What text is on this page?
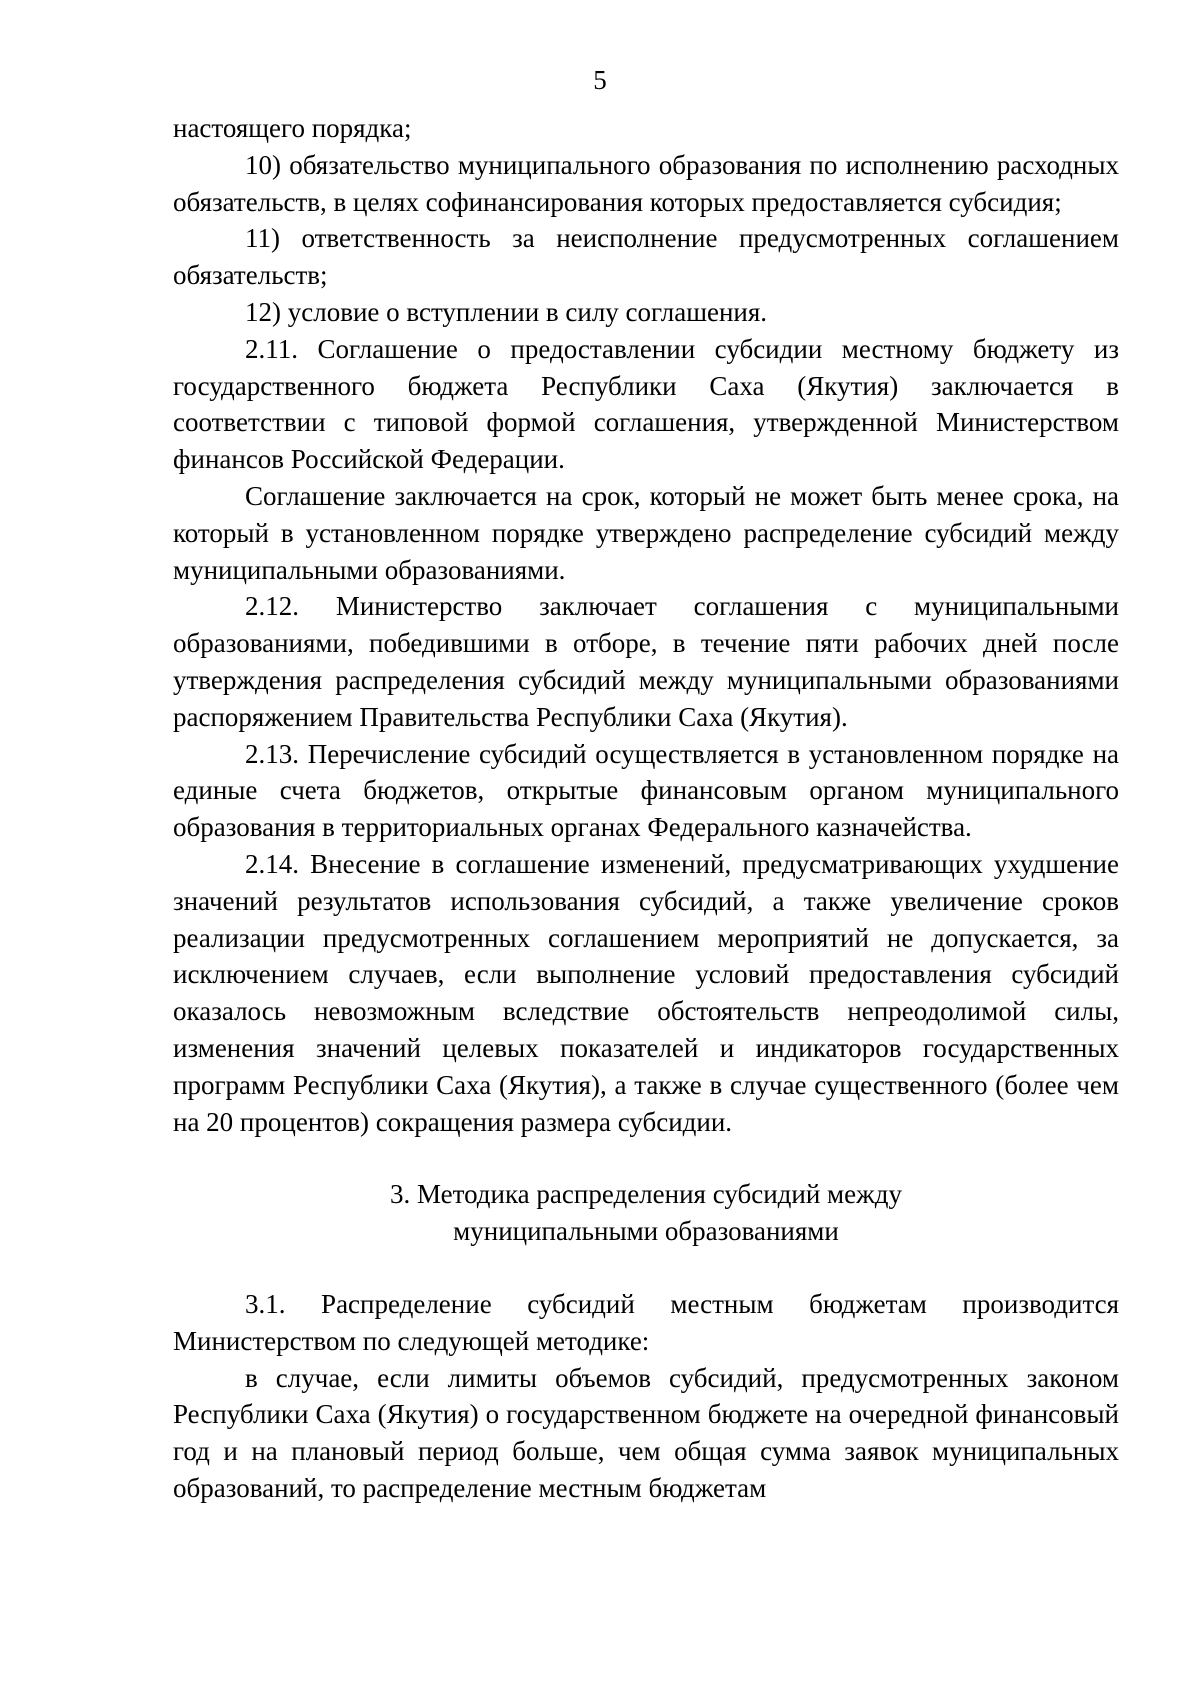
5

настоящего порядка;

10) обязательство муниципального образования по исполнению расходных обязательств, в целях софинансирования которых предоставляется субсидия;

11) ответственность за неисполнение предусмотренных соглашением обязательств;

12) условие о вступлении в силу соглашения.

2.11. Соглашение о предоставлении субсидии местному бюджету из государственного бюджета Республики Саха (Якутия) заключается в соответствии с типовой формой соглашения, утвержденной Министерством финансов Российской Федерации.

Соглашение заключается на срок, который не может быть менее срока, на который в установленном порядке утверждено распределение субсидий между муниципальными образованиями.

2.12. Министерство заключает соглашения с муниципальными образованиями, победившими в отборе, в течение пяти рабочих дней после утверждения распределения субсидий между муниципальными образованиями распоряжением Правительства Республики Саха (Якутия).

2.13. Перечисление субсидий осуществляется в установленном порядке на единые счета бюджетов, открытые финансовым органом муниципального образования в территориальных органах Федерального казначейства.

2.14. Внесение в соглашение изменений, предусматривающих ухудшение значений результатов использования субсидий, а также увеличение сроков реализации предусмотренных соглашением мероприятий не допускается, за исключением случаев, если выполнение условий предоставления субсидий оказалось невозможным вследствие обстоятельств непреодолимой силы, изменения значений целевых показателей и индикаторов государственных программ Республики Саха (Якутия), а также в случае существенного (более чем на 20 процентов) сокращения размера субсидии.

3. Методика распределения субсидий между
муниципальными образованиями

3.1. Распределение субсидий местным бюджетам производится Министерством по следующей методике:

в случае, если лимиты объемов субсидий, предусмотренных законом Республики Саха (Якутия) о государственном бюджете на очередной финансовый год и на плановый период больше, чем общая сумма заявок муниципальных образований, то распределение местным бюджетам
